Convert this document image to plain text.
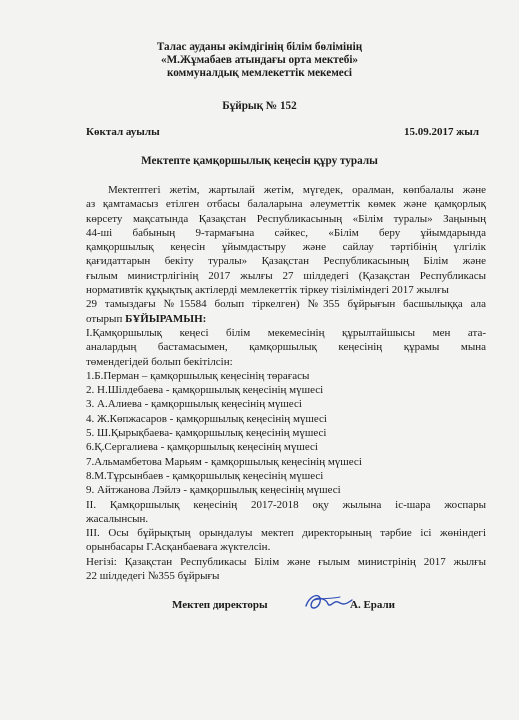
Талас ауданы әкімдігінің білім бөлімінің
«М.Жұмабаев атындағы орта мектебі»
коммуналдық мемлекеттік мекемесі
Бұйрық № 152
Көктал ауылы	15.09.2017 жыл
Мектепте қамқоршылық кеңесін құру туралы
Мектептегі жетім, жартылай жетім, мүгедек, оралман, көпбалалы және
аз қамтамасыз етілген отбасы балаларына әлеуметтік көмек және қамқорлық
көрсету мақсатында Қазақстан Республикасының «Білім туралы» Заңының
44-ші бабының 9-тармағына сәйкес, «Білім беру ұйымдарында
қамқоршылық кеңесін ұйымдастыру және сайлау тәртібінің үлгілік
қағидаттарын бекіту туралы» Қазақстан Республикасының Білім және
ғылым министрлігінің 2017 жылғы 27 шілдедегі (Қазақстан Республикасы
нормативтік құқықтық актілерді мемлекеттік тіркеу тізіліміндегі 2017 жылғы
29 тамыздағы №15584 болып тіркелген) №355 бұйрығын басшылыққа ала
отырып БҰЙЫРАМЫН:
I.Қамқоршылық кеңесі білім мекемесінің құрылтайшысы мен ата-
аналардың бастамасымен, қамқоршылық кеңесінің құрамы мына
төмендегідей болып бекітілсін:
1.Б.Перман – қамқоршылық кеңесінің төрағасы
2. Н.Шілдебаева - қамқоршылық кеңесінің мүшесі
3. А.Алиева - қамқоршылық кеңесінің мүшесі
4. Ж.Көпжасаров - қамқоршылық кеңесінің мүшесі
5. Ш.Қырықбаева- қамқоршылық кеңесінің мүшесі
6.Қ.Сергалиева - қамқоршылық кеңесінің мүшесі
7.Альмамбетова Марьям - қамқоршылық кеңесінің мүшесі
8.М.Тұрсынбаев - қамқоршылық кеңесінің мүшесі
9. Айтжанова Лэйлэ - қамқоршылық кеңесінің мүшесі
II. Қамқоршылық кеңесінің 2017-2018 оқу жылына іс-шара жоспары
жасалынсын.
III. Осы бұйрықтың орындалуы мектеп директорының тәрбие ісі жөніндегі
орынбасары Г.Асқанбаеваға жүктелсін.
Негізі: Қазақстан Республикасы Білім және ғылым министрінің 2017 жылғы
22 шілдедегі №355 бұйрығы
Мектеп директоры	А. Ерали
